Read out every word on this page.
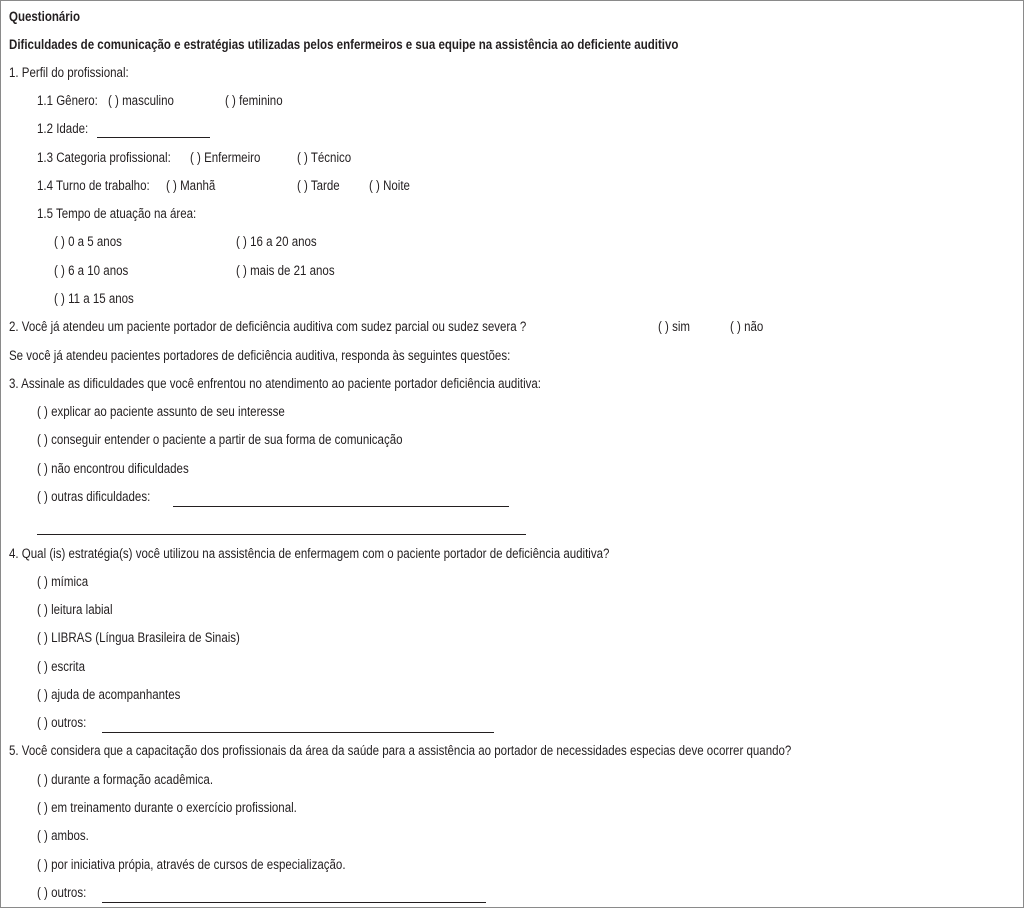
Questionário
Dificuldades de comunicação e estratégias utilizadas pelos enfermeiros e sua equipe na assistência ao deficiente auditivo
1. Perfil do profissional:
1.1 Gênero: ( ) masculino	( ) feminino
1.2 Idade:
1.3 Categoria profissional: ( ) Enfermeiro	( ) Técnico
1.4 Turno de trabalho: ( ) Manhã	( ) Tarde ( ) Noite
1.5 Tempo de atuação na área:
( ) 0 a 5 anos	( ) 16 a 20 anos
( ) 6 a 10 anos	( ) mais de 21 anos
( ) 11 a 15 anos
2. Você já atendeu um paciente portador de deficiência auditiva com sudez parcial ou sudez severa ?	( ) sim	( ) não
Se você já atendeu pacientes portadores de deficiência auditiva, responda às seguintes questões:
3. Assinale as dificuldades que você enfrentou no atendimento ao paciente portador deficiência auditiva:
( ) explicar ao paciente assunto de seu interesse
( ) conseguir entender o paciente a partir de sua forma de comunicação
( ) não encontrou dificuldades
( ) outras dificuldades:
4. Qual (is) estratégia(s) você utilizou na assistência de enfermagem com o paciente portador de deficiência auditiva?
( ) mímica
( ) leitura labial
( ) LIBRAS (Língua Brasileira de Sinais)
( ) escrita
( ) ajuda de acompanhantes
( ) outros:
5. Você considera que a capacitação dos profissionais da área da saúde para a assistência ao portador de necessidades especias deve ocorrer quando?
( ) durante a formação acadêmica.
( ) em treinamento durante o exercício profissional.
( ) ambos.
( ) por iniciativa própia, através de cursos de especialização.
( ) outros:
